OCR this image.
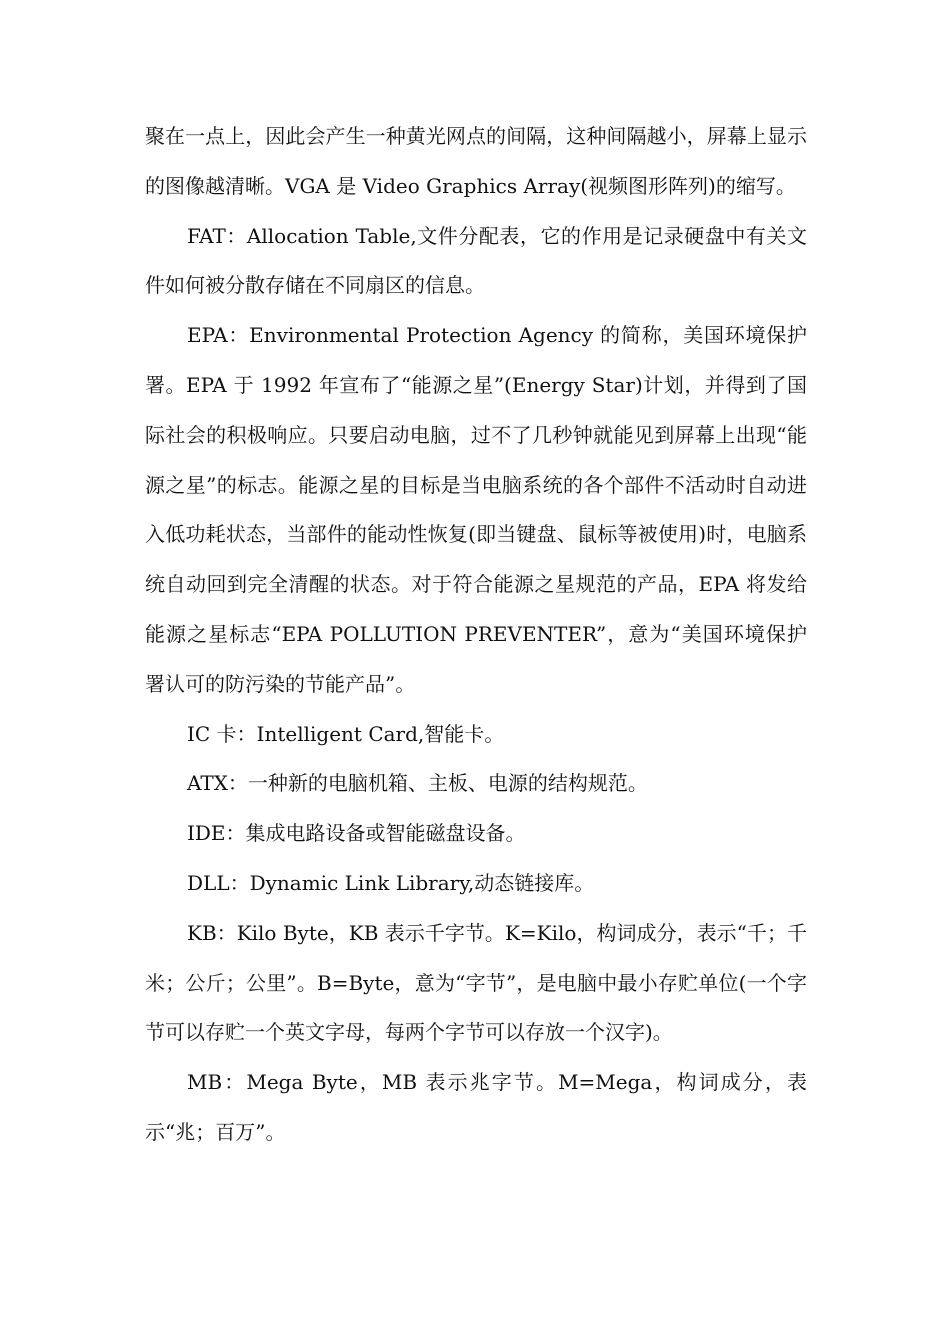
聚在一点上，因此会产生一种黄光网点的间隔，这种间隔越小，屏幕上显示的图像越清晰。VGA 是 Video Graphics Array(视频图形阵列)的缩写。

FAT：Allocation Table,文件分配表，它的作用是记录硬盘中有关文件如何被分散存储在不同扇区的信息。

EPA：Environmental Protection Agency 的简称，美国环境保护署。EPA 于 1992 年宣布了“能源之星”(Energy Star)计划，并得到了国际社会的积极响应。只要启动电脑，过不了几秒钟就能见到屏幕上出现“能源之星”的标志。能源之星的目标是当电脑系统的各个部件不活动时自动进入低功耗状态，当部件的能动性恢复(即当键盘、鼠标等被使用)时，电脑系统自动回到完全清醒的状态。对于符合能源之星规范的产品，EPA 将发给能源之星标志“EPA POLLUTION PREVENTER”，意为“美国环境保护署认可的防污染的节能产品”。

IC 卡：Intelligent Card,智能卡。

ATX：一种新的电脑机箱、主板、电源的结构规范。

IDE：集成电路设备或智能磁盘设备。

DLL：Dynamic Link Library,动态链接库。

KB：Kilo Byte，KB 表示千字节。K=Kilo，构词成分，表示“千；千米；公斤；公里”。B=Byte，意为“字节”，是电脑中最小存贮单位(一个字节可以存贮一个英文字母，每两个字节可以存放一个汉字)。

MB：Mega Byte，MB 表示兆字节。M=Mega，构词成分，表示“兆；百万”。
